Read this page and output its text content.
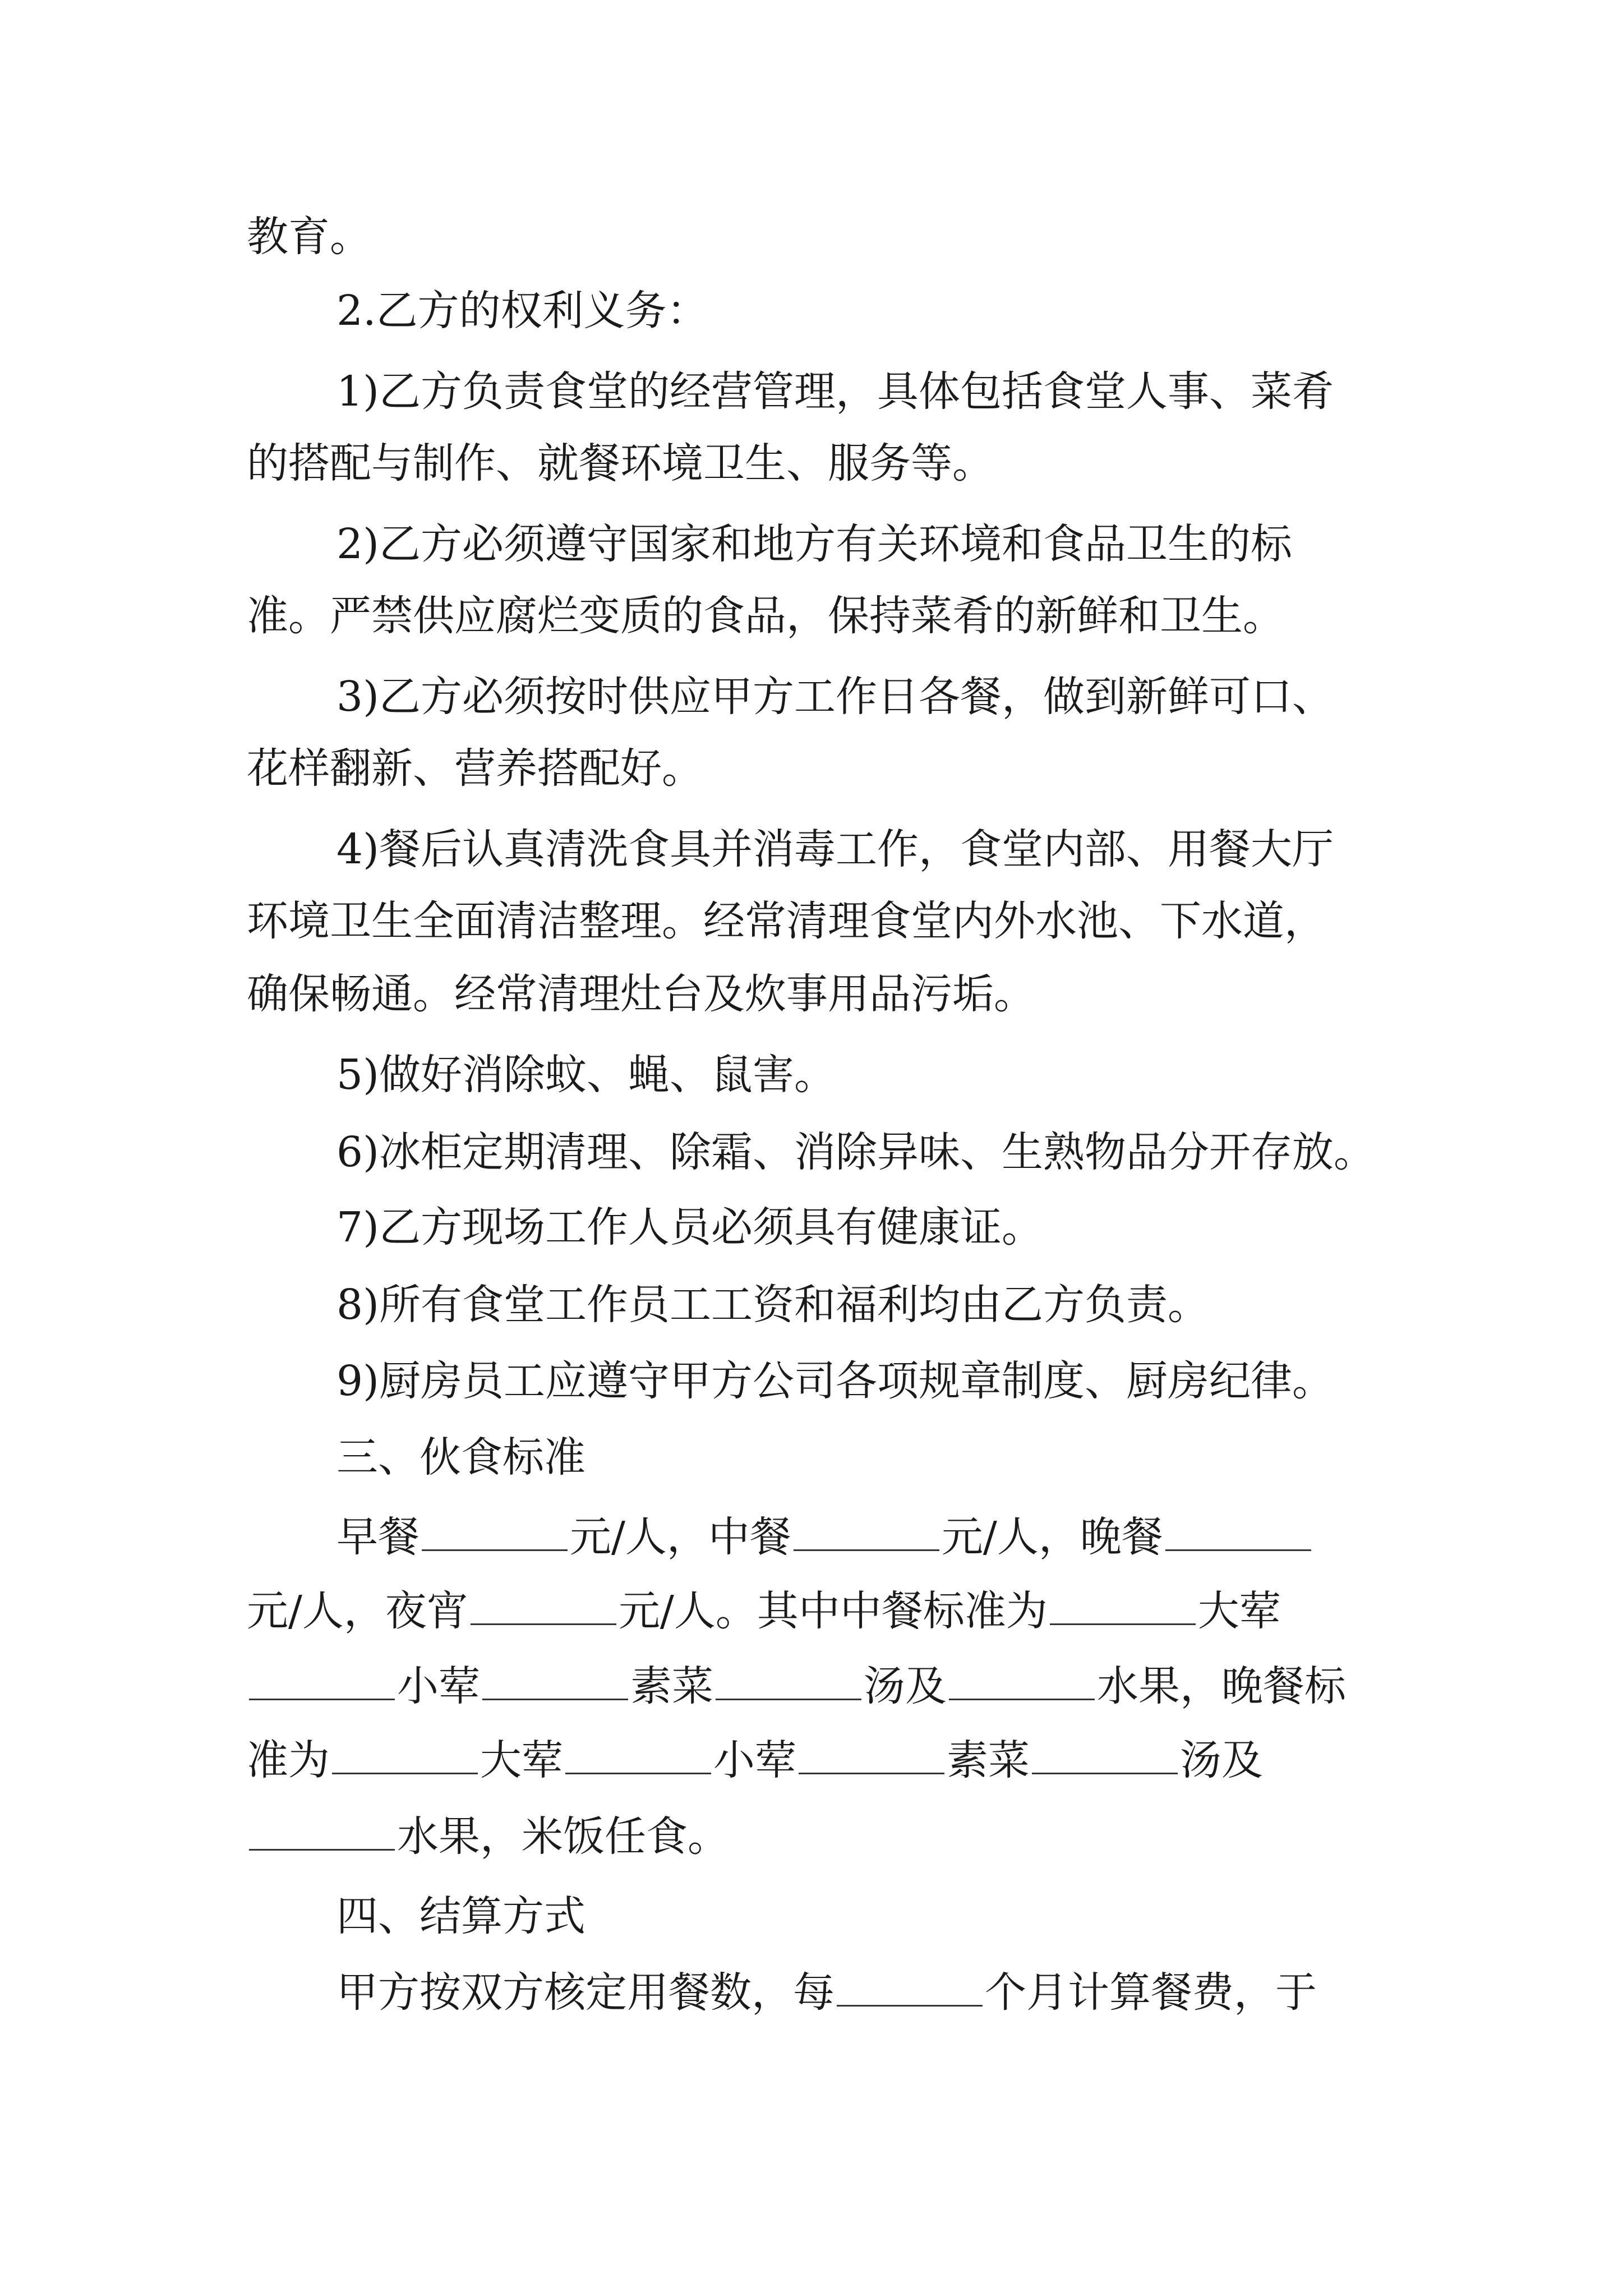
教育。
2.乙方的权利义务：
1)乙方负责食堂的经营管理，具体包括食堂人事、菜肴
的搭配与制作、就餐环境卫生、服务等。
2)乙方必须遵守国家和地方有关环境和食品卫生的标
准。严禁供应腐烂变质的食品，保持菜肴的新鲜和卫生。
3)乙方必须按时供应甲方工作日各餐，做到新鲜可口、
花样翻新、营养搭配好。
4)餐后认真清洗食具并消毒工作，食堂内部、用餐大厅
环境卫生全面清洁整理。经常清理食堂内外水池、下水道，
确保畅通。经常清理灶台及炊事用品污垢。
5)做好消除蚊、蝇、鼠害。
6)冰柜定期清理、除霜、消除异味、生熟物品分开存放。
7)乙方现场工作人员必须具有健康证。
8)所有食堂工作员工工资和福利均由乙方负责。
9)厨房员工应遵守甲方公司各项规章制度、厨房纪律。
三、伙食标准
早餐	元/人，中餐	元/人，晚餐
元/人，夜宵	元/人。其中中餐标准为	大荤
小荤	素菜	汤及	水果，晚餐标
准为	大荤	小荤	素菜	汤及
水果，米饭任食。
四、结算方式
甲方按双方核定用餐数，每	个月计算餐费，于
